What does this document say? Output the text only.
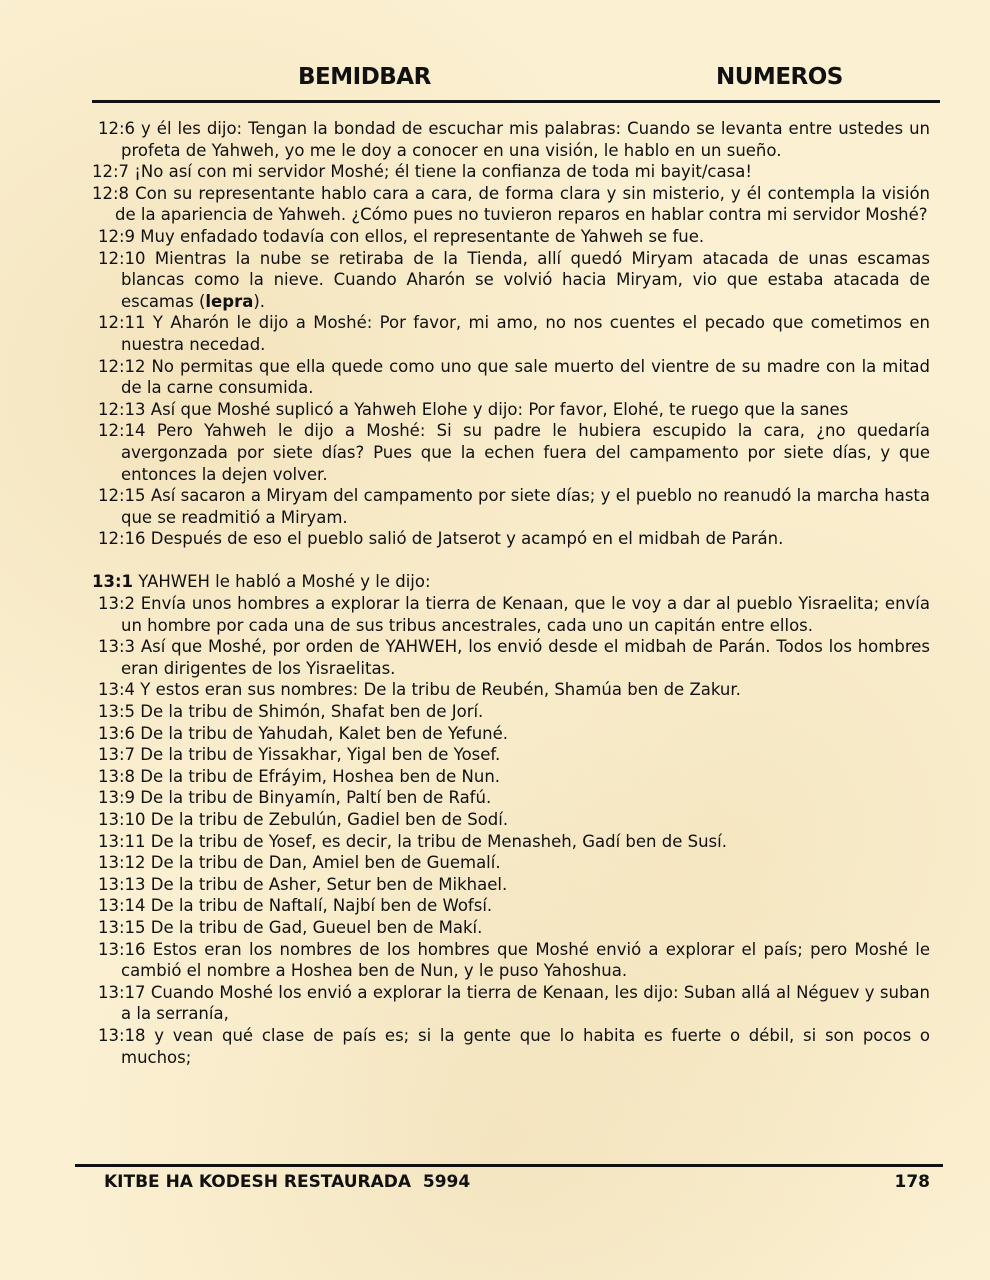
BEMIDBAR	NUMEROS

12:6 y él les dijo: Tengan la bondad de escuchar mis palabras: Cuando se levanta entre ustedes un profeta de Yahweh, yo me le doy a conocer en una visión, le hablo en un sueño.

12:7 ¡No así con mi servidor Moshé; él tiene la confianza de toda mi bayit/casa!

12:8 Con su representante hablo cara a cara, de forma clara y sin misterio, y él contempla la visión de la apariencia de Yahweh. ¿Cómo pues no tuvieron reparos en hablar contra mi servidor Moshé?

12:9 Muy enfadado todavía con ellos, el representante de Yahweh se fue.

12:10 Mientras la nube se retiraba de la Tienda, allí quedó Miryam atacada de unas escamas blancas como la nieve. Cuando Aharón se volvió hacia Miryam, vio que estaba atacada de escamas (lepra).

12:11 Y Aharón le dijo a Moshé: Por favor, mi amo, no nos cuentes el pecado que cometimos en nuestra necedad.

12:12 No permitas que ella quede como uno que sale muerto del vientre de su madre con la mitad de la carne consumida.

12:13 Así que Moshé suplicó a Yahweh Elohe y dijo: Por favor, Elohé, te ruego que la sanes

12:14 Pero Yahweh le dijo a Moshé: Si su padre le hubiera escupido la cara, ¿no quedaría avergonzada por siete días? Pues que la echen fuera del campamento por siete días, y que entonces la dejen volver.

12:15 Así sacaron a Miryam del campamento por siete días; y el pueblo no reanudó la marcha hasta que se readmitió a Miryam.

12:16 Después de eso el pueblo salió de Jatserot y acampó en el midbah de Parán.

13:1 YAHWEH le habló a Moshé y le dijo:

13:2 Envía unos hombres a explorar la tierra de Kenaan, que le voy a dar al pueblo Yisraelita; envía un hombre por cada una de sus tribus ancestrales, cada uno un capitán entre ellos.

13:3 Así que Moshé, por orden de YAHWEH, los envió desde el midbah de Parán. Todos los hombres eran dirigentes de los Yisraelitas.

13:4 Y estos eran sus nombres: De la tribu de Reubén, Shamúa ben de Zakur.

13:5 De la tribu de Shimón, Shafat ben de Jorí.

13:6 De la tribu de Yahudah, Kalet ben de Yefuné.

13:7 De la tribu de Yissakhar, Yigal ben de Yosef.

13:8 De la tribu de Efráyim, Hoshea ben de Nun.

13:9 De la tribu de Binyamín, Paltí ben de Rafú.

13:10 De la tribu de Zebulún, Gadiel ben de Sodí.

13:11 De la tribu de Yosef, es decir, la tribu de Menasheh, Gadí ben de Susí.

13:12 De la tribu de Dan, Amiel ben de Guemalí.

13:13 De la tribu de Asher, Setur ben de Mikhael.

13:14 De la tribu de Naftalí, Najbí ben de Wofsí.

13:15 De la tribu de Gad, Gueuel ben de Makí.

13:16 Estos eran los nombres de los hombres que Moshé envió a explorar el país; pero Moshé le cambió el nombre a Hoshea ben de Nun, y le puso Yahoshua.

13:17 Cuando Moshé los envió a explorar la tierra de Kenaan, les dijo: Suban allá al Néguev y suban a la serranía,

13:18 y vean qué clase de país es; si la gente que lo habita es fuerte o débil, si son pocos o muchos;

KITBE HA KODESH RESTAURADA  5994	178
